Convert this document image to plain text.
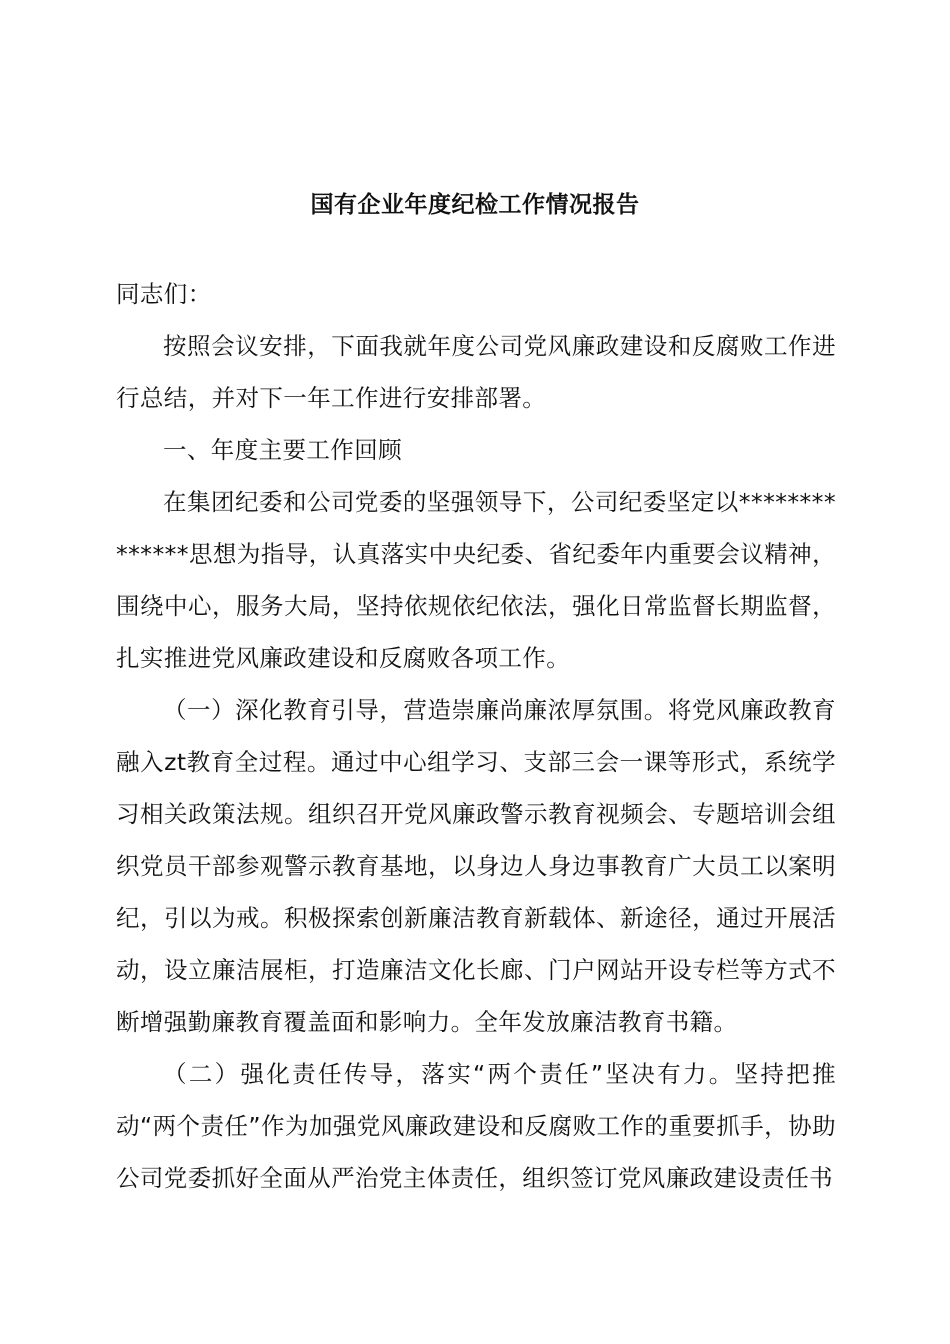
国有企业年度纪检工作情况报告

同志们：

按照会议安排，下面我就年度公司党风廉政建设和反腐败工作进行总结，并对下一年工作进行安排部署。

一、年度主要工作回顾

在集团纪委和公司党委的坚强领导下，公司纪委坚定以**************思想为指导，认真落实中央纪委、省纪委年内重要会议精神，围绕中心，服务大局，坚持依规依纪依法，强化日常监督长期监督，扎实推进党风廉政建设和反腐败各项工作。

（一）深化教育引导，营造崇廉尚廉浓厚氛围。将党风廉政教育融入zt教育全过程。通过中心组学习、支部三会一课等形式，系统学习相关政策法规。组织召开党风廉政警示教育视频会、专题培训会组织党员干部参观警示教育基地，以身边人身边事教育广大员工以案明纪，引以为戒。积极探索创新廉洁教育新载体、新途径，通过开展活动，设立廉洁展柜，打造廉洁文化长廊、门户网站开设专栏等方式不断增强勤廉教育覆盖面和影响力。全年发放廉洁教育书籍。

（二）强化责任传导，落实“两个责任”坚决有力。坚持把推动“两个责任”作为加强党风廉政建设和反腐败工作的重要抓手，协助公司党委抓好全面从严治党主体责任，组织签订党风廉政建设责任书
